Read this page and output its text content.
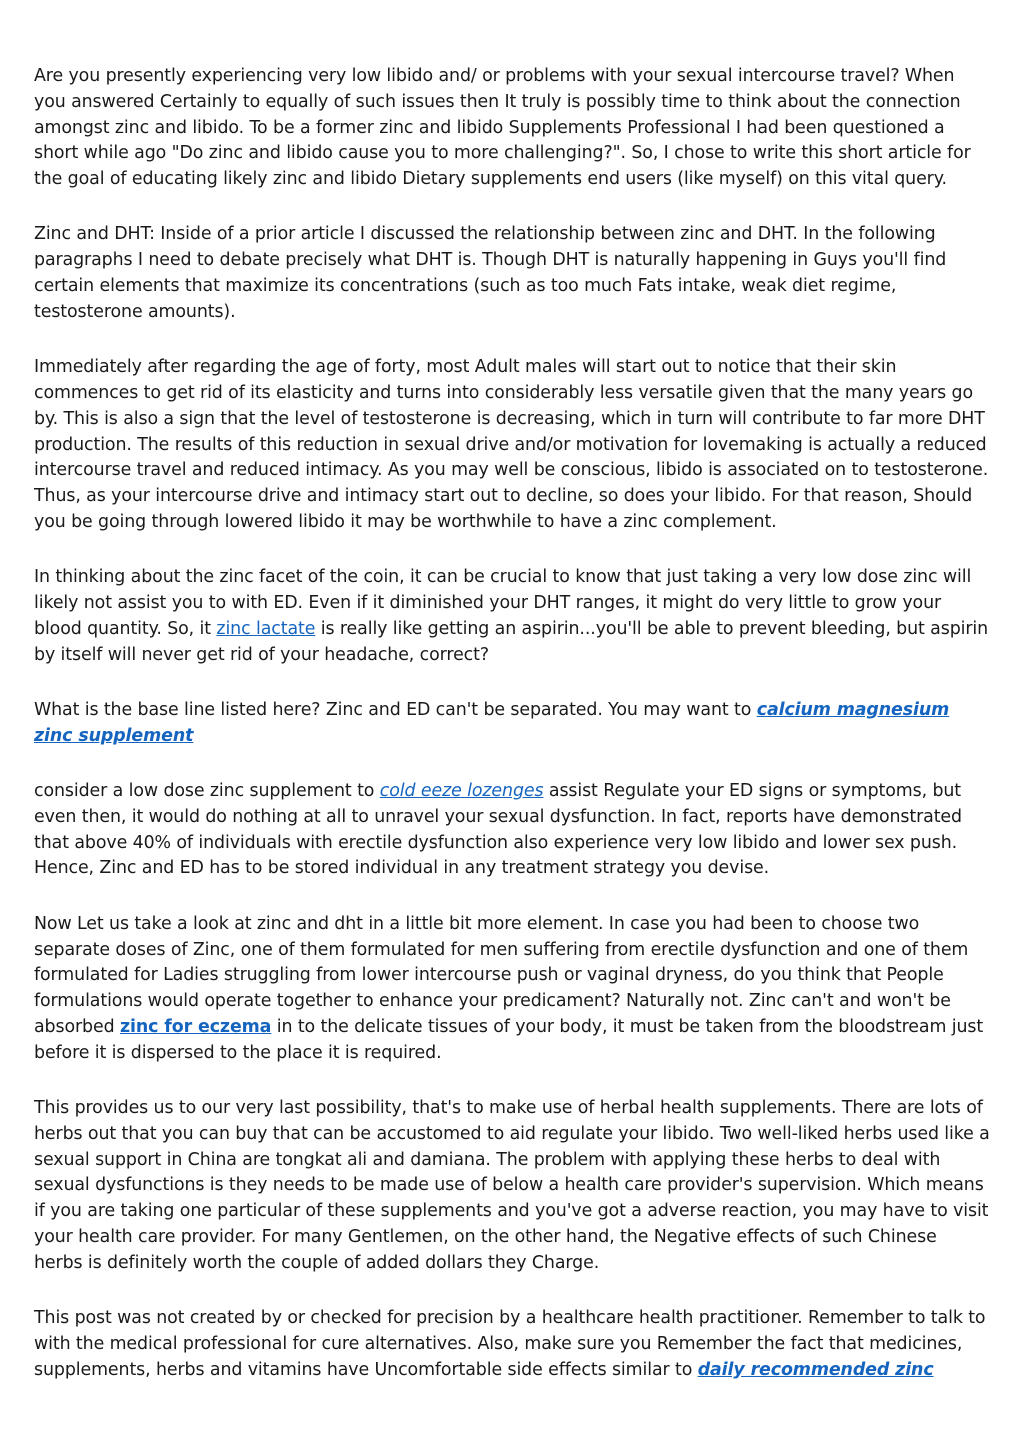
Are you presently experiencing very low libido and/ or problems with your sexual intercourse travel? When you answered Certainly to equally of such issues then It truly is possibly time to think about the connection amongst zinc and libido. To be a former zinc and libido Supplements Professional I had been questioned a short while ago "Do zinc and libido cause you to more challenging?". So, I chose to write this short article for the goal of educating likely zinc and libido Dietary supplements end users (like myself) on this vital query.

Zinc and DHT: Inside of a prior article I discussed the relationship between zinc and DHT. In the following paragraphs I need to debate precisely what DHT is. Though DHT is naturally happening in Guys you'll find certain elements that maximize its concentrations (such as too much Fats intake, weak diet regime, testosterone amounts).

Immediately after regarding the age of forty, most Adult males will start out to notice that their skin commences to get rid of its elasticity and turns into considerably less versatile given that the many years go by. This is also a sign that the level of testosterone is decreasing, which in turn will contribute to far more DHT production. The results of this reduction in sexual drive and/or motivation for lovemaking is actually a reduced intercourse travel and reduced intimacy. As you may well be conscious, libido is associated on to testosterone. Thus, as your intercourse drive and intimacy start out to decline, so does your libido. For that reason, Should you be going through lowered libido it may be worthwhile to have a zinc complement.

In thinking about the zinc facet of the coin, it can be crucial to know that just taking a very low dose zinc will likely not assist you to with ED. Even if it diminished your DHT ranges, it might do very little to grow your blood quantity. So, it zinc lactate is really like getting an aspirin...you'll be able to prevent bleeding, but aspirin by itself will never get rid of your headache, correct?

What is the base line listed here? Zinc and ED can't be separated. You may want to calcium magnesium zinc supplement

consider a low dose zinc supplement to cold eeze lozenges assist Regulate your ED signs or symptoms, but even then, it would do nothing at all to unravel your sexual dysfunction. In fact, reports have demonstrated that above 40% of individuals with erectile dysfunction also experience very low libido and lower sex push. Hence, Zinc and ED has to be stored individual in any treatment strategy you devise.

Now Let us take a look at zinc and dht in a little bit more element. In case you had been to choose two separate doses of Zinc, one of them formulated for men suffering from erectile dysfunction and one of them formulated for Ladies struggling from lower intercourse push or vaginal dryness, do you think that People formulations would operate together to enhance your predicament? Naturally not. Zinc can't and won't be absorbed zinc for eczema in to the delicate tissues of your body, it must be taken from the bloodstream just before it is dispersed to the place it is required.

This provides us to our very last possibility, that's to make use of herbal health supplements. There are lots of herbs out that you can buy that can be accustomed to aid regulate your libido. Two well-liked herbs used like a sexual support in China are tongkat ali and damiana. The problem with applying these herbs to deal with sexual dysfunctions is they needs to be made use of below a health care provider's supervision. Which means if you are taking one particular of these supplements and you've got a adverse reaction, you may have to visit your health care provider. For many Gentlemen, on the other hand, the Negative effects of such Chinese herbs is definitely worth the couple of added dollars they Charge.

This post was not created by or checked for precision by a healthcare health practitioner. Remember to talk to with the medical professional for cure alternatives. Also, make sure you Remember the fact that medicines, supplements, herbs and vitamins have Uncomfortable side effects similar to daily recommended zinc
